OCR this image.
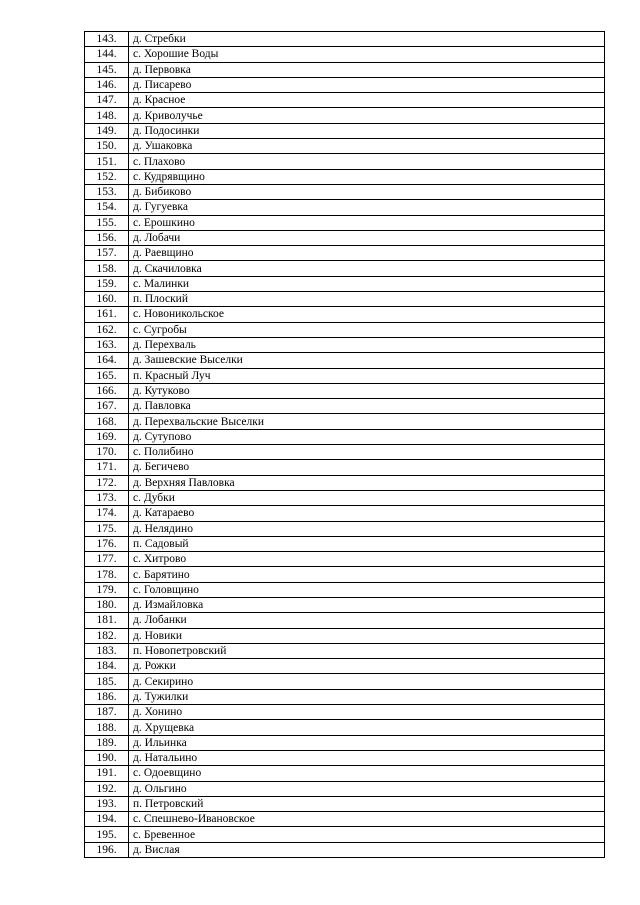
143.	д. Стребки
144.	с. Хорошие Воды
145.	д. Первовка
146.	д. Писарево
147.	д. Красное
148.	д. Криволучье
149.	д. Подосинки
150.	д. Ушаковка
151.	с. Плахово
152.	с. Кудрявщино
153.	д. Бибиково
154.	д. Гугуевка
155.	с. Ерошкино
156.	д. Лобачи
157.	д. Раевщино
158.	д. Скачиловка
159.	с. Малинки
160.	п. Плоский
161.	с. Новоникольское
162.	с. Сугробы
163.	д. Перехваль
164.	д. Зашевские Выселки
165.	п. Красный Луч
166.	д. Кутуково
167.	д. Павловка
168.	д. Перехвальские Выселки
169.	д. Сутупово
170.	с. Полибино
171.	д. Бегичево
172.	д. Верхняя Павловка
173.	с. Дубки
174.	д. Катараево
175.	д. Нелядино
176.	п. Садовый
177.	с. Хитрово
178.	с. Барятино
179.	с. Головщино
180.	д. Измайловка
181.	д. Лобанки
182.	д. Новики
183.	п. Новопетровский
184.	д. Рожки
185.	д. Секирино
186.	д. Тужилки
187.	д. Хонино
188.	д. Хрущевка
189.	д. Ильинка
190.	д. Натальино
191.	с. Одоевщино
192.	д. Ольгино
193.	п. Петровский
194.	с. Спешнево-Ивановское
195.	с. Бревенное
196.	д. Вислая
